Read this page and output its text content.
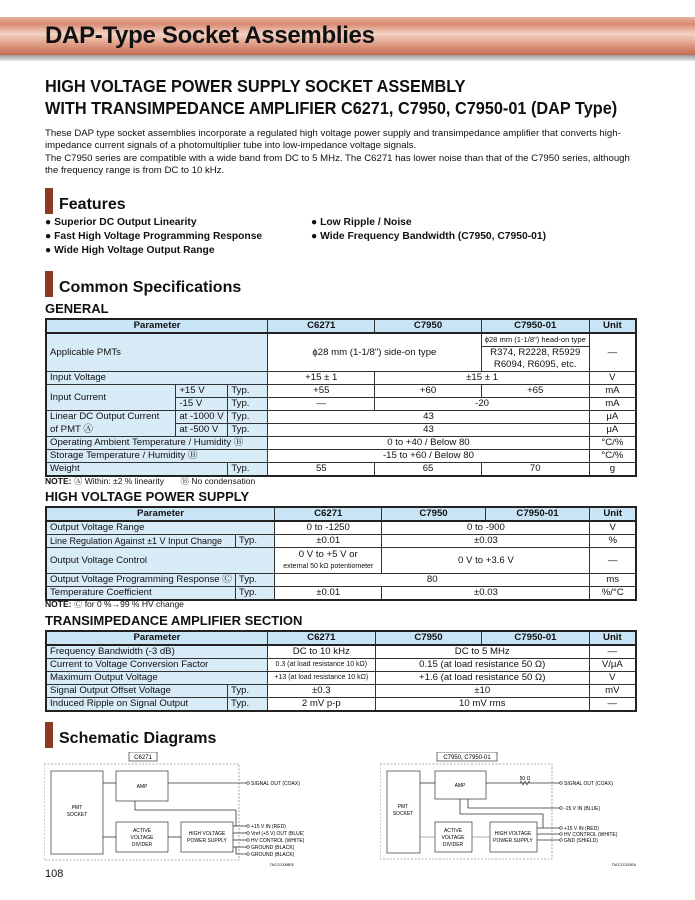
DAP-Type Socket Assemblies
HIGH VOLTAGE POWER SUPPLY SOCKET ASSEMBLY
WITH TRANSIMPEDANCE AMPLIFIER C6271, C7950, C7950-01 (DAP Type)

These DAP type socket assemblies incorporate a regulated high voltage power supply and transimpedance amplifier that converts high-impedance current signals of a photomultiplier tube into low-impedance voltage signals.

The C7950 series are compatible with a wide band from DC to 5 MHz. The C6271 has lower noise than that of the C7950 series, although the frequency range is from DC to 10 kHz.

Features
● Superior DC Output Linearity
● Fast High Voltage Programming Response
● Wide High Voltage Output Range
● Low Ripple / Noise
● Wide Frequency Bandwidth (C7950, C7950-01)
Common Specifications
GENERAL
Parameter			C6271	C7950	C7950-01	Unit
Applicable PMTs			ϕ28 mm (1-1/8") side-on type		ϕ28 mm (1-1/8") head-on type	—
					R374, R2228, R5929	
					R6094, R6095, etc.	
Input Voltage			+15 ± 1	±15 ± 1		V
Input Current	+15 V	Typ.	+55	+60	+65	mA
	-15 V	Typ.	—	-20		mA
Linear DC Output Current	at -1000 V	Typ.	43			μA
of PMT Ⓐ	at -500 V	Typ.	43			μA
Operating Ambient Temperature / Humidity Ⓑ			0 to +40 / Below 80			°C/%
Storage Temperature / Humidity Ⓑ			-15 to +60 / Below 80			°C/%
Weight		Typ.	55	65	70	g
NOTE: Ⓐ Within: ±2 % linearity Ⓑ No condensation
HIGH VOLTAGE POWER SUPPLY
Parameter		C6271	C7950	C7950-01	Unit
Output Voltage Range		0 to -1250	0 to -900		V
Line Regulation Against ±1 V Input Change	Typ.	±0.01	±0.03		%
Output Voltage Control		0 V to +5 V or
external 50 kΩ potentiometer	0 V to +3.6 V		—
Output Voltage Programming Response Ⓒ	Typ.	80			ms
Temperature Coefficient	Typ.	±0.01	±0.03		%/°C
NOTE: Ⓒ for 0 %→99 % HV change
TRANSIMPEDANCE AMPLIFIER SECTION
Parameter		C6271	C7950	C7950-01	Unit
Frequency Bandwidth (-3 dB)		DC to 10 kHz	DC to 5 MHz		—
Current to Voltage Conversion Factor		0.3 (at load resistance 10 kΩ)	0.15 (at load resistance 50 Ω)		V/μA
Maximum Output Voltage		+13 (at load resistance 10 kΩ)	+1.6 (at load resistance 50 Ω)		V
Signal Output Offset Voltage	Typ.	±0.3	±10		mV
Induced Ripple on Signal Output	Typ.	2 mV p-p	10 mV rms		—
Schematic Diagrams
C6271
PMT
SOCKET
AMP
ACTIVE
VOLTAGE
DIVIDER
HIGH VOLTAGE
POWER SUPPLY
SIGNAL OUT (COAX)
+15 V IN (RED)
Vref (+5 V) OUT (BLUE)
HV CONTROL (WHITE)
GROUND (BLACK)
GROUND (BLACK)
TACCC0098EE
C7950, C7950-01
PMT
SOCKET
AMP
ACTIVE
VOLTAGE
DIVIDER
HIGH VOLTAGE
POWER SUPPLY
50 Ω
SIGNAL OUT (COAX)
-15 V IN (BLUE)
+15 V IN (RED)
HV CONTROL (WHITE)
GND (SHIELD)
TACCC0129EA
108
